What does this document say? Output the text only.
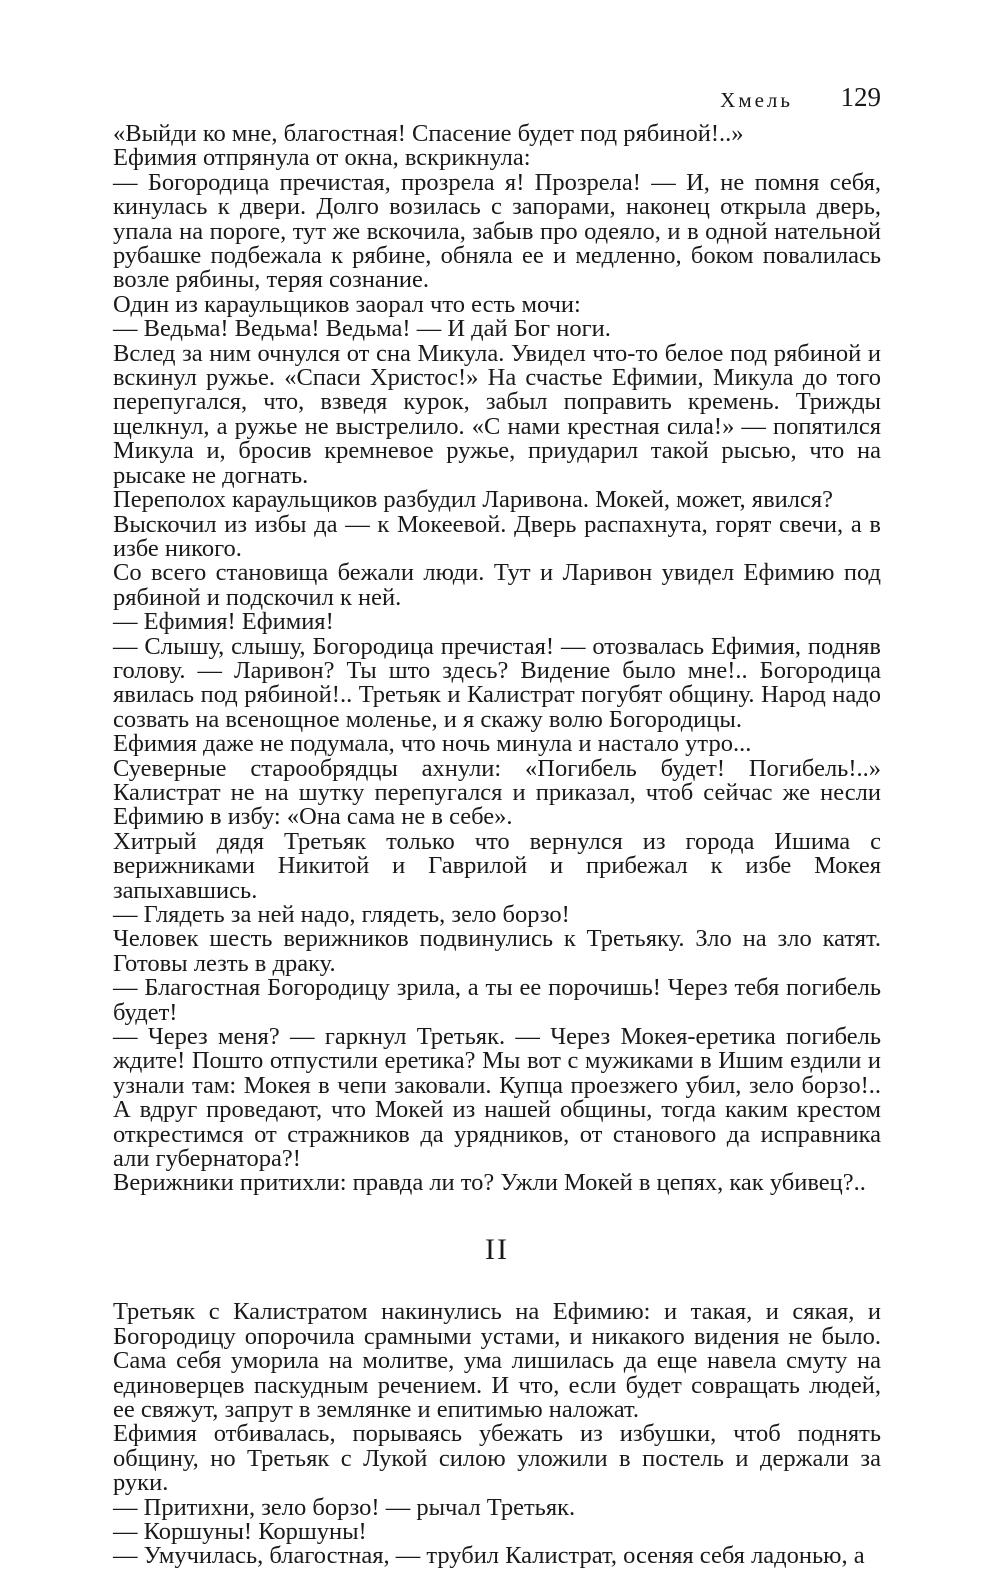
Хмель 129

«Выйди ко мне, благостная! Спасение будет под рябиной!..»

Ефимия отпрянула от окна, вскрикнула:

— Богородица пречистая, прозрела я! Прозрела! — И, не помня себя, кинулась к двери. Долго возилась с запорами, наконец открыла дверь, упала на пороге, тут же вскочила, забыв про одеяло, и в одной нательной рубашке подбежала к рябине, обняла ее и медленно, боком повалилась возле рябины, теряя сознание.

Один из караульщиков заорал что есть мочи:

— Ведьма! Ведьма! Ведьма! — И дай Бог ноги.

Вслед за ним очнулся от сна Микула. Увидел что-то белое под рябиной и вскинул ружье. «Спаси Христос!» На счастье Ефимии, Микула до того перепугался, что, взведя курок, забыл поправить кремень. Трижды щелкнул, а ружье не выстрелило. «С нами крестная сила!» — попятился Микула и, бросив кремневое ружье, приударил такой рысью, что на рысаке не догнать.

Переполох караульщиков разбудил Ларивона. Мокей, может, явился?

Выскочил из избы да — к Мокеевой. Дверь распахнута, горят свечи, а в избе никого.

Со всего становища бежали люди. Тут и Ларивон увидел Ефимию под рябиной и подскочил к ней.

— Ефимия! Ефимия!

— Слышу, слышу, Богородица пречистая! — отозвалась Ефимия, подняв голову. — Ларивон? Ты што здесь? Видение было мне!.. Богородица явилась под рябиной!.. Третьяк и Калистрат погубят общину. Народ надо созвать на всенощное моленье, и я скажу волю Богородицы.

Ефимия даже не подумала, что ночь минула и настало утро...

Суеверные старообрядцы ахнули: «Погибель будет! Погибель!..» Калистрат не на шутку перепугался и приказал, чтоб сейчас же несли Ефимию в избу: «Она сама не в себе».

Хитрый дядя Третьяк только что вернулся из города Ишима с верижниками Никитой и Гаврилой и прибежал к избе Мокея запыхавшись.

— Глядеть за ней надо, глядеть, зело борзо!

Человек шесть верижников подвинулись к Третьяку. Зло на зло катят. Готовы лезть в драку.

— Благостная Богородицу зрила, а ты ее порочишь! Через тебя погибель будет!

— Через меня? — гаркнул Третьяк. — Через Мокея-еретика погибель ждите! Пошто отпустили еретика? Мы вот с мужиками в Ишим ездили и узнали там: Мокея в чепи заковали. Купца проезжего убил, зело борзо!.. А вдруг проведают, что Мокей из нашей общины, тогда каким крестом открестимся от стражников да урядников, от станового да исправника али губернатора?!

Верижники притихли: правда ли то? Ужли Мокей в цепях, как убивец?..

II

Третьяк с Калистратом накинулись на Ефимию: и такая, и сякая, и Богородицу опорочила срамными устами, и никакого видения не было. Сама себя уморила на молитве, ума лишилась да еще навела смуту на единоверцев паскудным речением. И что, если будет совращать людей, ее свяжут, запрут в землянке и епитимью наложат.

Ефимия отбивалась, порываясь убежать из избушки, чтоб поднять общину, но Третьяк с Лукой силою уложили в постель и держали за руки.

— Притихни, зело борзо! — рычал Третьяк.

— Коршуны! Коршуны!

— Умучилась, благостная, — трубил Калистрат, осеняя себя ладонью, а
